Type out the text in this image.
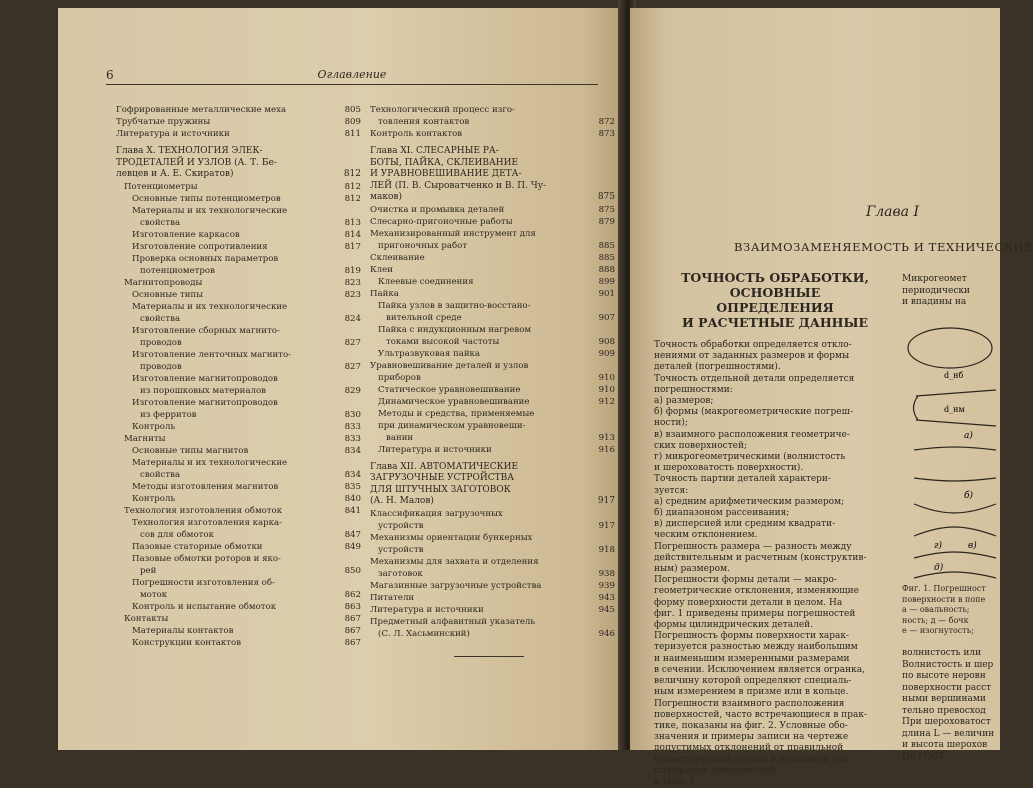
6	Оглавление
Гофрированные металлические меха	805
Трубчатые пружины	809
Литература и источники	811
Глава X. ТЕХНОЛОГИЯ ЭЛЕК-
ТРОДЕТАЛЕЙ И УЗЛОВ (А. Т. Бе-
левцев и А. Е. Скиратов)	812
Потенциометры	812
Основные типы потенциометров	812
Материалы и их технологические
свойства	813
Изготовление каркасов	814
Изготовление сопротивления	817
Проверка основных параметров
потенциометров	819
Магнитопроводы	823
Основные типы	823
Материалы и их технологические
свойства	824
Изготовление сборных магнито-
проводов	827
Изготовление ленточных магнито-
проводов	827
Изготовление магнитопроводов
из порошковых материалов	829
Изготовление магнитопроводов
из ферритов	830
Контроль	833
Магниты	833
Основные типы магнитов	834
Материалы и их технологические
свойства	834
Методы изготовления магнитов	835
Контроль	840
Технология изготовления обмоток	841
Технология изготовления карка-
сов для обмоток	847
Пазовые статорные обмотки	849
Пазовые обмотки роторов и яко-
рей	850
Погрешности изготовления об-
моток	862
Контроль и испытание обмоток	863
Контакты	867
Материалы контактов	867
Конструкции контактов	867
Технологический процесс изго-
товления контактов	872
Контроль контактов	873
Глава XI. СЛЕСАРНЫЕ РА-
БОТЫ, ПАЙКА, СКЛЕИВАНИЕ
И УРАВНОВЕШИВАНИЕ ДЕТА-
ЛЕЙ (П. В. Сыроватченко и В. П. Чу-
маков)	875
Очистка и промывка деталей	875
Слесарно-пригоночные работы	879
Механизированный инструмент для
пригоночных работ	885
Склеивание	885
Клеи	888
Клеевые соединения	899
Пайка	901
Пайка узлов в защитно-восстано-
вительной среде	907
Пайка с индукционным нагревом
токами высокой частоты	908
Ультразвуковая пайка	909
Уравновешивание деталей и узлов
приборов	910
Статическое уравновешивание	910
Динамическое уравновешивание	912
Методы и средства, применяемые
при динамическом уравновеши-
вании	913
Литература и источники	916
Глава XII. АВТОМАТИЧЕСКИЕ
ЗАГРУЗОЧНЫЕ УСТРОЙСТВА
ДЛЯ ШТУЧНЫХ ЗАГОТОВОК
(А. Н. Малов)	917
Классификация загрузочных
устройств	917
Механизмы ориентации бункерных
устройств	918
Механизмы для захвата и отделения
заготовок	938
Магазинные загрузочные устройства	939
Питатели	943
Литература и источники	945
Предметный алфавитный указатель
(С. Л. Хасьминский)	946
Глава I
ВЗАИМОЗАМЕНЯЕМОСТЬ И ТЕХНИЧЕСКИЕ
ТОЧНОСТЬ ОБРАБОТКИ,
ОСНОВНЫЕ ОПРЕДЕЛЕНИЯ
И РАСЧЕТНЫЕ ДАННЫЕ
Точность обработки определяется откло-
нениями от заданных размеров и формы
деталей (погрешностями).
Точность отдельной детали определяется
погрешностями:
а) размеров;
б) формы (макрогеометрические погреш-
ности);
в) взаимного расположения геометриче-
ских поверхностей;
г) микрогеометрическими (волнистость
и шероховатость поверхности).
Точность партии деталей характери-
зуется:
а) средним арифметическим размером;
б) диапазоном рассеивания;
в) дисперсией или средним квадрати-
ческим отклонением.
Погрешность размера — разность между
действительным и расчетным (конструктив-
ным) размером.
Погрешности формы детали — макро-
геометрические отклонения, изменяющие
форму поверхности детали в целом. На
фиг. 1 приведены примеры погрешностей
формы цилиндрических деталей.
Погрешность формы поверхности харак-
теризуется разностью между наибольшим
и наименьшим измеренными размерами
в сечении. Исключением является огранка,
величину которой определяют специаль-
ным измерением в призме или в кольце.
Погрешности взаимного расположения
поверхностей, часто встречающиеся в прак-
тике, показаны на фиг. 2. Условные обо-
значения и примеры записи на чертеже
допустимых отклонений от правильной
геометрической формы и взаимного рас-
положения поверхностей
в табл. 1.
Микрогеомет
периодически
и впадины на
d_нб
d_нм
а)
б)
в)
г)
д)
Фиг. 1. Погрешност
поверхности в попе
а — овальность;
ность; д — бочк
е — изогнутость;
волнистость или
Волнистость и шер
по высоте неровн
поверхности расст
ными вершинами
тельно превосход
При шероховатост
длина L — величин
и высота шерохов
По ГОСТ
